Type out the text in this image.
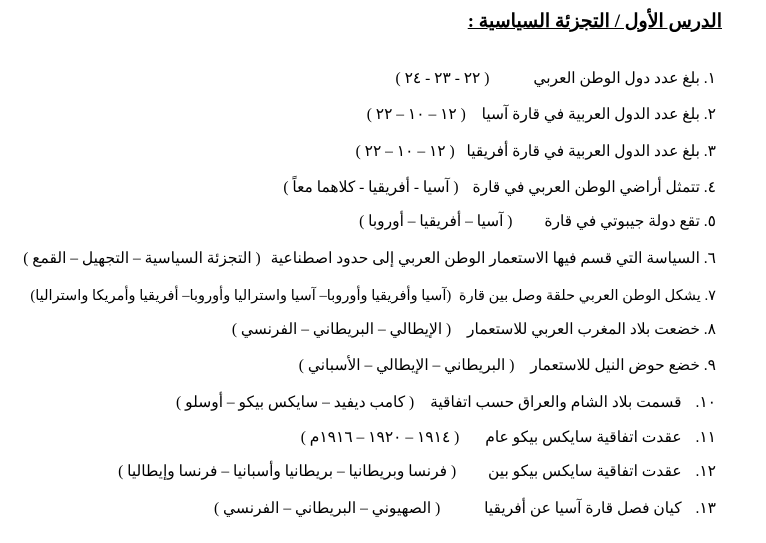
الدرس الأول / التجزئة السياسية :
١. بلغ عدد دول الوطن العربي ( ٢٢ - ٢٣ - ٢٤ )
٢. بلغ عدد الدول العربية في قارة آسيا ( ١٢ – ١٠ – ٢٢ )
٣. بلغ عدد الدول العربية في قارة أفريقيا ( ١٢ – ١٠ – ٢٢ )
٤. تتمثل أراضي الوطن العربي في قارة ( آسيا - أفريقيا - كلاهما معاً )
٥. تقع دولة جيبوتي في قارة ( آسيا – أفريقيا – أوروبا )
٦. السياسة التي قسم فيها الاستعمار الوطن العربي إلى حدود اصطناعية ( التجزئة السياسية – التجهيل – القمع )
٧. يشكل الوطن العربي حلقة وصل بين قارة (آسيا وأفريقيا وأوروبا– آسيا واستراليا وأوروبا– أفريقيا وأمريكا واستراليا)
٨. خضعت بلاد المغرب العربي للاستعمار ( الإيطالي – البريطاني – الفرنسي )
٩. خضع حوض النيل للاستعمار ( البريطاني – الإيطالي – الأسباني )
١٠. قسمت بلاد الشام والعراق حسب اتفاقية ( كامب ديفيد – سايكس بيكو – أوسلو )
١١. عقدت اتفاقية سايكس بيكو عام ( ١٩١٤ – ١٩٢٠ – ١٩١٦م )
١٢. عقدت اتفاقية سايكس بيكو بين ( فرنسا وبريطانيا – بريطانيا وأسبانيا – فرنسا وإيطاليا )
١٣. كيان فصل قارة آسيا عن أفريقيا ( الصهيوني – البريطاني – الفرنسي )
